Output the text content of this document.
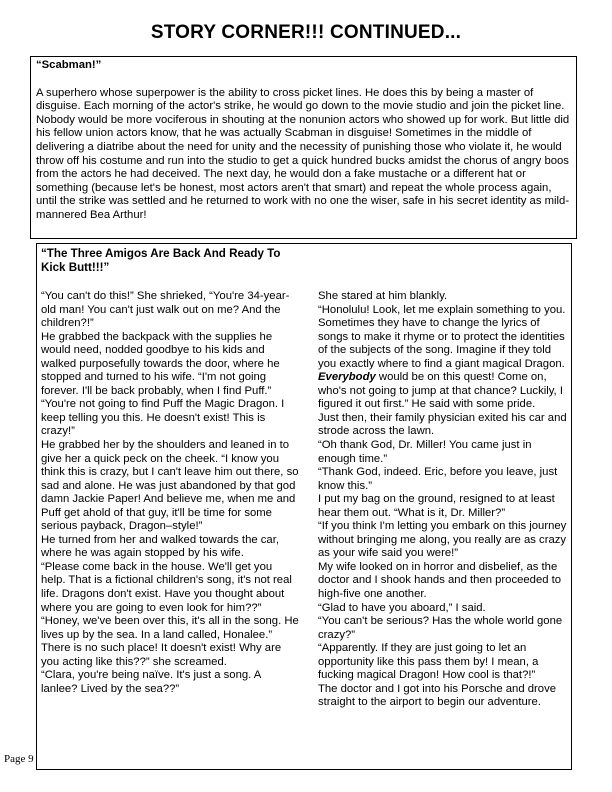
STORY CORNER!!! CONTINUED...
“Scabman!”

A superhero whose superpower is the ability to cross picket lines. He does this by being a master of disguise. Each morning of the actor's strike, he would go down to the movie studio and join the picket line. Nobody would be more vociferous in shouting at the nonunion actors who showed up for work. But little did his fellow union actors know, that he was actually Scabman in disguise! Sometimes in the middle of delivering a diatribe about the need for unity and the necessity of punishing those who violate it, he would throw off his costume and run into the studio to get a quick hundred bucks amidst the chorus of angry boos from the actors he had deceived. The next day, he would don a fake mustache or a different hat or something (because let's be honest, most actors aren't that smart) and repeat the whole process again, until the strike was settled and he returned to work with no one the wiser, safe in his secret identity as mild-mannered Bea Arthur!

“The Three Amigos Are Back And Ready To Kick Butt!!!”

“You can't do this!” She shrieked, “You're 34-year-old man! You can't just walk out on me? And the children?!”

He grabbed the backpack with the supplies he would need, nodded goodbye to his kids and walked purposefully towards the door, where he stopped and turned to his wife. “I'm not going forever. I'll be back probably, when I find Puff.”

“You're not going to find Puff the Magic Dragon. I keep telling you this. He doesn't exist! This is crazy!”

He grabbed her by the shoulders and leaned in to give her a quick peck on the cheek. “I know you think this is crazy, but I can't leave him out there, so sad and alone. He was just abandoned by that god damn Jackie Paper! And believe me, when me and Puff get ahold of that guy, it'll be time for some serious payback, Dragon–style!”

He turned from her and walked towards the car, where he was again stopped by his wife.

“Please come back in the house. We'll get you help. That is a fictional children's song, it's not real life. Dragons don't exist. Have you thought about where you are going to even look for him??”

“Honey, we've been over this, it's all in the song. He lives up by the sea. In a land called, Honalee.”

There is no such place! It doesn't exist! Why are you acting like this??” she screamed.

“Clara, you're being naïve. It's just a song. A lanlee? Lived by the sea??”

She stared at him blankly.

“Honolulu! Look, let me explain something to you. Sometimes they have to change the lyrics of songs to make it rhyme or to protect the identities of the subjects of the song. Imagine if they told you exactly where to find a giant magical Dragon. Everybody would be on this quest! Come on, who's not going to jump at that chance? Luckily, I figured it out first.” He said with some pride.

Just then, their family physician exited his car and strode across the lawn.

“Oh thank God, Dr. Miller! You came just in enough time.”

“Thank God, indeed. Eric, before you leave, just know this.”

I put my bag on the ground, resigned to at least hear them out. “What is it, Dr. Miller?”

“If you think I'm letting you embark on this journey without bringing me along, you really are as crazy as your wife said you were!”

My wife looked on in horror and disbelief, as the doctor and I shook hands and then proceeded to high-five one another.

“Glad to have you aboard,” I said.

“You can't be serious? Has the whole world gone crazy?”

“Apparently. If they are just going to let an opportunity like this pass them by! I mean, a fucking magical Dragon! How cool is that?!”

The doctor and I got into his Porsche and drove straight to the airport to begin our adventure.

Page 9
